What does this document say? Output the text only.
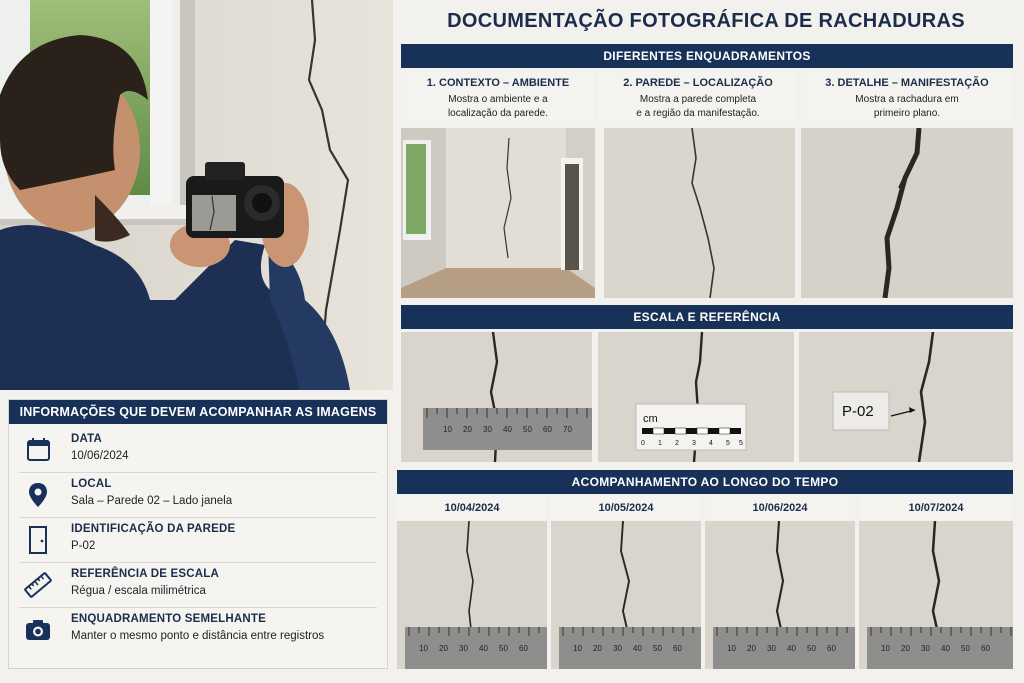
INFORMAÇÕES QUE DEVEM ACOMPANHAR AS IMAGENS
DATA
10/06/2024
LOCAL
Sala – Parede 02 – Lado janela
IDENTIFICAÇÃO DA PAREDE
P-02
REFERÊNCIA DE ESCALA
Régua / escala milimétrica
ENQUADRAMENTO SEMELHANTE
Manter o mesmo ponto e distância entre registros
DOCUMENTAÇÃO FOTOGRÁFICA DE RACHADURAS
DIFERENTES ENQUADRAMENTOS
1. CONTEXTO – AMBIENTE
Mostra o ambiente e a
localização da parede.
2. PAREDE – LOCALIZAÇÃO
Mostra a parede completa
e a região da manifestação.
3. DETALHE – MANIFESTAÇÃO
Mostra a rachadura em
primeiro plano.
ESCALA E REFERÊNCIA
10 20 30 40 50 60 70
cm
0 1 2 3 4 5 5
P-02
ACOMPANHAMENTO AO LONGO DO TEMPO
10/04/2024	10/05/2024	10/06/2024	10/07/2024
10 20 30 40 50 60	10 20 30 40 50 60	10 20 30 40 50 60	10 20 30 40 50 60
